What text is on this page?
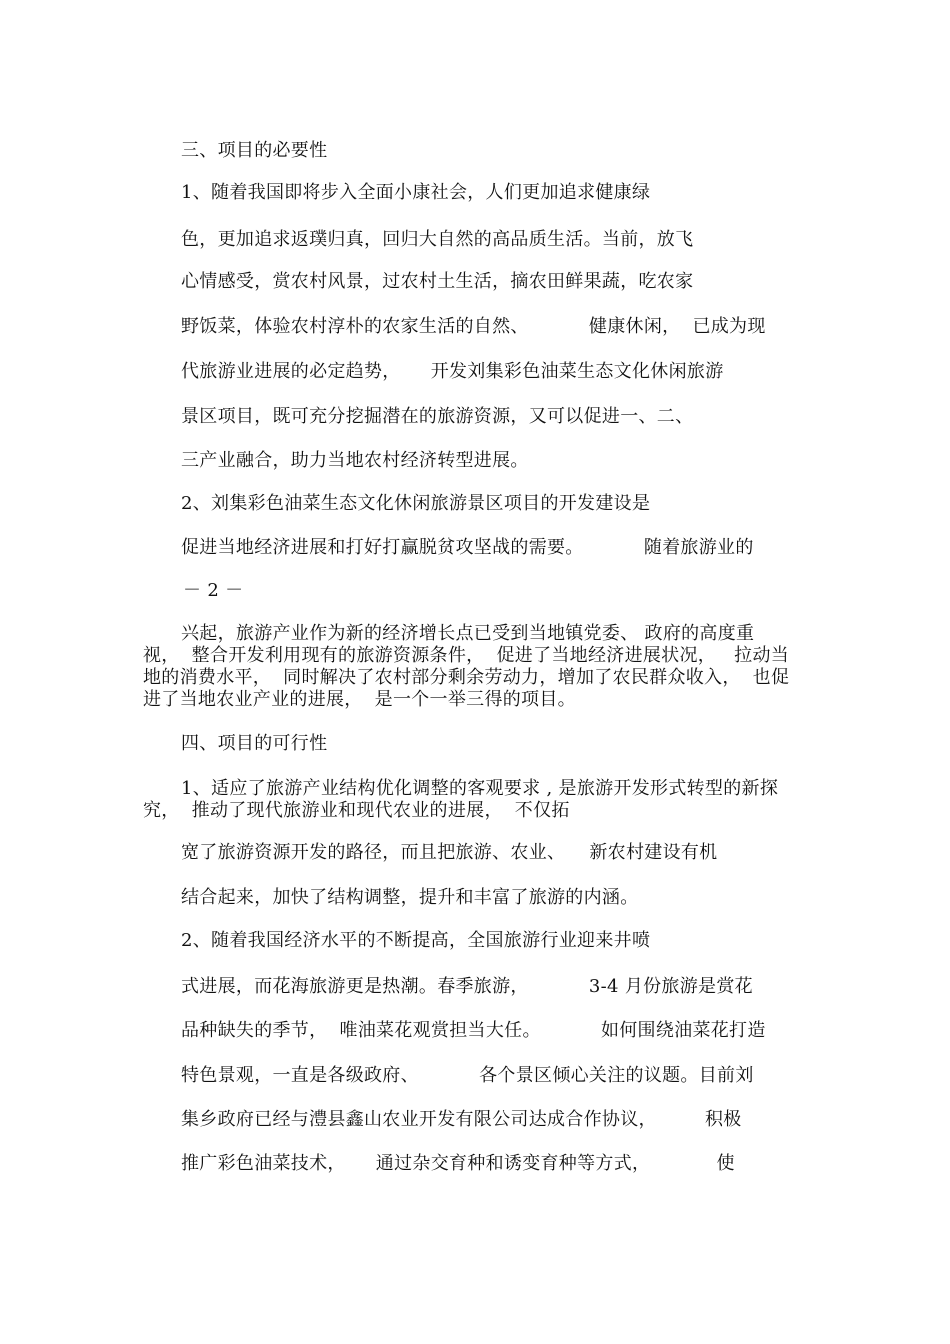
三、项目的必要性
1、随着我国即将步入全面小康社会，人们更加追求健康绿
色，更加追求返璞归真，回归大自然的高品质生活。当前，放飞
心情感受，赏农村风景，过农村土生活，摘农田鲜果蔬，吃农家
野饭菜，体验农村淳朴的农家生活的自然、          健康休闲，  已成为现
代旅游业进展的必定趋势，     开发刘集彩色油菜生态文化休闲旅游
景区项目，既可充分挖掘潜在的旅游资源，又可以促进一、二、
三产业融合，助力当地农村经济转型进展。
2、刘集彩色油菜生态文化休闲旅游景区项目的开发建设是
促进当地经济进展和打好打赢脱贫攻坚战的需要。          随着旅游业的
－ 2 －
兴起，旅游产业作为新的经济增长点已受到当地镇党委、 政府的高度重
视，  整合开发利用现有的旅游资源条件，  促进了当地经济进展状况，   拉动当
地的消费水平，  同时解决了农村部分剩余劳动力，增加了农民群众收入，  也促
进了当地农业产业的进展，  是一个一举三得的项目。
四、项目的可行性
1、适应了旅游产业结构优化调整的客观要求 , 是旅游开发形式转型的新探
究，  推动了现代旅游业和现代农业的进展，  不仅拓
宽了旅游资源开发的路径，而且把旅游、农业、    新农村建设有机
结合起来，加快了结构调整，提升和丰富了旅游的内涵。
2、随着我国经济水平的不断提高，全国旅游行业迎来井喷
式进展，而花海旅游更是热潮。春季旅游，          3-4 月份旅游是赏花
品种缺失的季节，  唯油菜花观赏担当大任。          如何围绕油菜花打造
特色景观，一直是各级政府、          各个景区倾心关注的议题。目前刘
集乡政府已经与澧县鑫山农业开发有限公司达成合作协议，        积极
推广彩色油菜技术，     通过杂交育种和诱变育种等方式，           使
